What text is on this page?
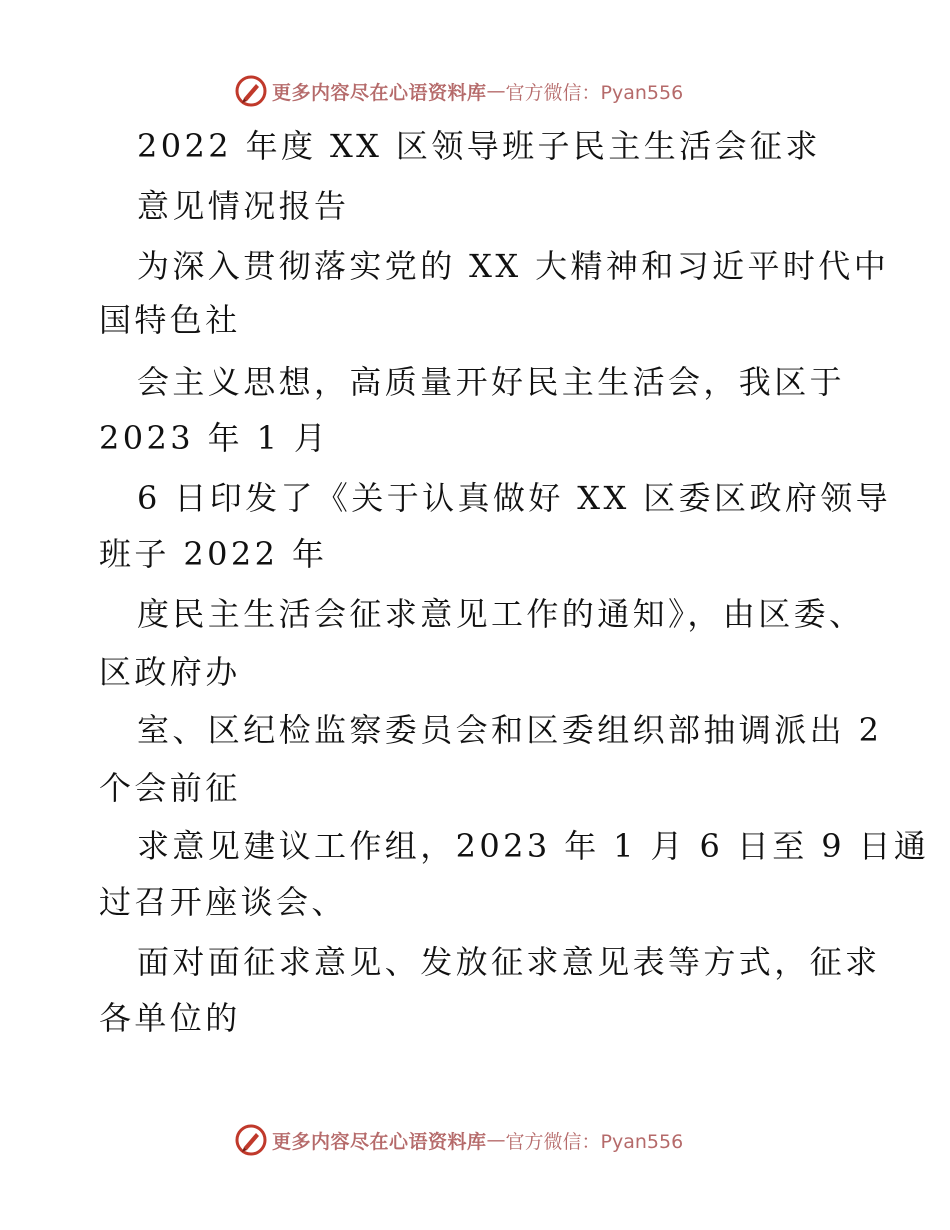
更多内容尽在心语资料库 — 官方微信：Pyan556
2022 年度 XX 区领导班子民主生活会征求
意见情况报告
为深入贯彻落实党的 XX 大精神和习近平时代中
国特色社
会主义思想，高质量开好民主生活会，我区于
2023 年 1 月
6 日印发了《关于认真做好 XX 区委区政府领导
班子 2022 年
度民主生活会征求意见工作的通知》，由区委、
区政府办
室、区纪检监察委员会和区委组织部抽调派出 2
个会前征
求意见建议工作组，2023 年 1 月 6 日至 9 日通
过召开座谈会、
面对面征求意见、发放征求意见表等方式，征求
各单位的
更多内容尽在心语资料库 — 官方微信：Pyan556
